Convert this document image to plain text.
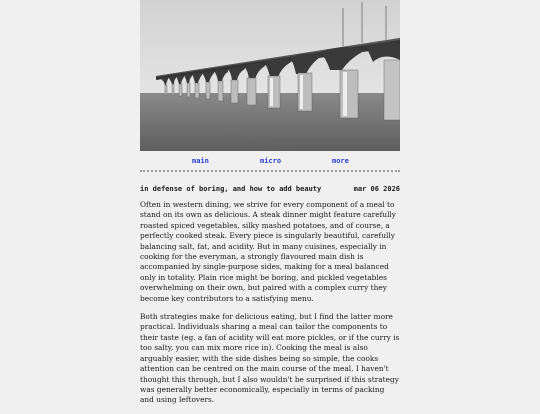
main	micro	more
in defense of boring, and how to add beauty	mar 06 2026

Often in western dining, we strive for every component of a meal to stand on its own as delicious. A steak dinner might feature carefully roasted spiced vegetables, silky mashed potatoes, and of course, a perfectly cooked steak. Every piece is singularly beautiful, carefully balancing salt, fat, and acidity. But in many cuisines, especially in cooking for the everyman, a strongly flavoured main dish is accompanied by single-purpose sides, making for a meal balanced only in totality. Plain rice might be boring, and pickled vegetables overwhelming on their own, but paired with a complex curry they become key contributors to a satisfying menu.

Both strategies make for delicious eating, but I find the latter more practical. Individuals sharing a meal can tailor the components to their taste (eg. a fan of acidity will eat more pickles, or if the curry is too salty, you can mix more rice in). Cooking the meal is also arguably easier, with the side dishes being so simple, the cooks attention can be centred on the main course of the meal. I haven't thought this through, but I also wouldn't be surprised if this strategy was generally better economically, especially in terms of packing and using leftovers.
